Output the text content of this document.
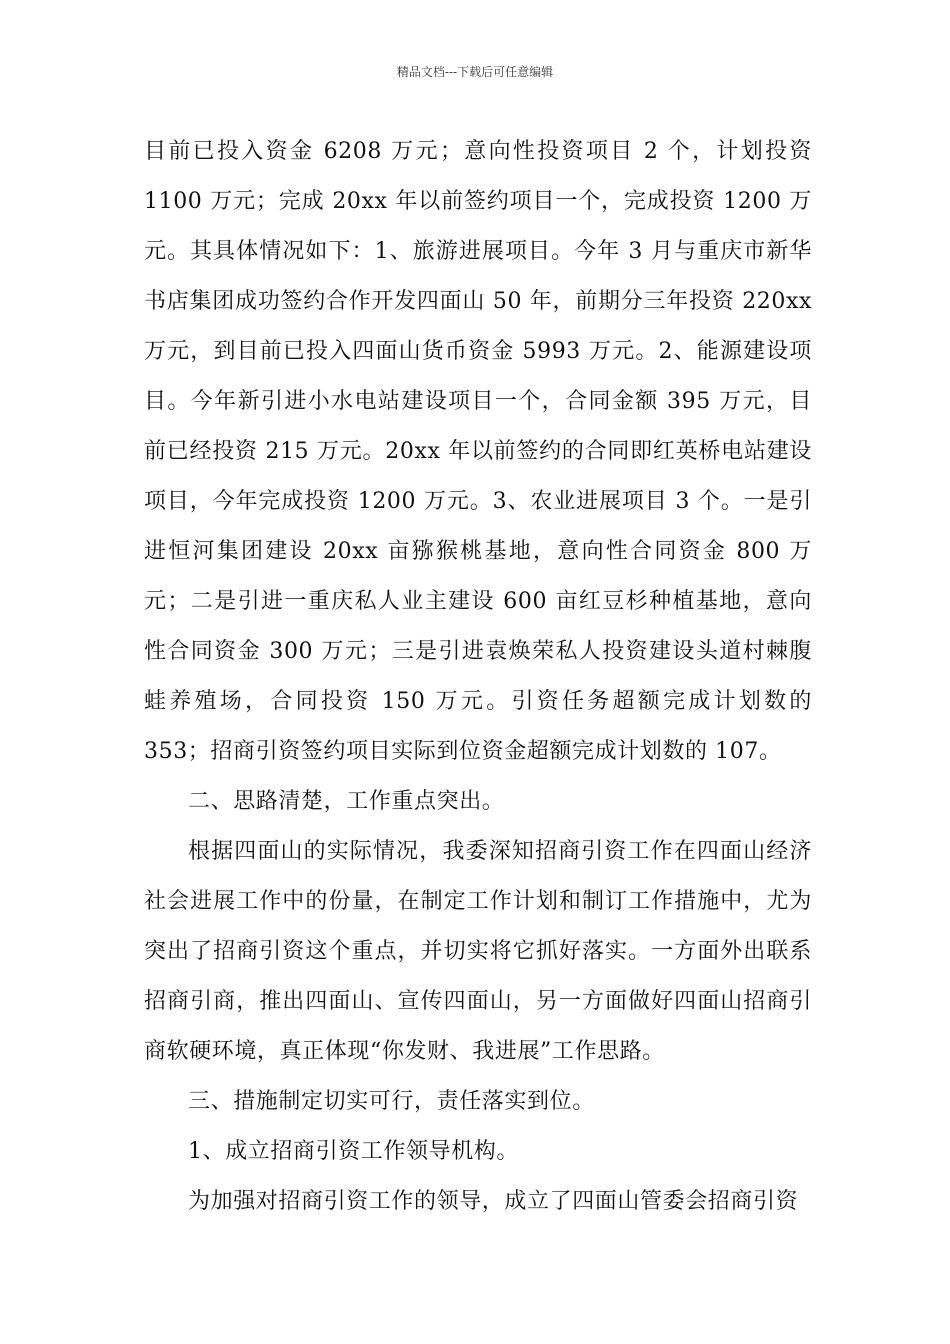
精品文档---下载后可任意编辑

目前已投入资金 6208 万元；意向性投资项目 2 个，计划投资 1100 万元；完成 20xx 年以前签约项目一个，完成投资 1200 万元。其具体情况如下：1、旅游进展项目。今年 3 月与重庆市新华书店集团成功签约合作开发四面山 50 年，前期分三年投资 220xx 万元，到目前已投入四面山货币资金 5993 万元。2、能源建设项目。今年新引进小水电站建设项目一个，合同金额 395 万元，目前已经投资 215 万元。20xx 年以前签约的合同即红英桥电站建设项目，今年完成投资 1200 万元。3、农业进展项目 3 个。一是引进恒河集团建设 20xx 亩猕猴桃基地，意向性合同资金 800 万元；二是引进一重庆私人业主建设 600 亩红豆杉种植基地，意向性合同资金 300 万元；三是引进袁焕荣私人投资建设头道村棘腹蛙养殖场，合同投资 150 万元。引资任务超额完成计划数的 353；招商引资签约项目实际到位资金超额完成计划数的 107。

二、思路清楚，工作重点突出。

根据四面山的实际情况，我委深知招商引资工作在四面山经济社会进展工作中的份量，在制定工作计划和制订工作措施中，尤为突出了招商引资这个重点，并切实将它抓好落实。一方面外出联系招商引商，推出四面山、宣传四面山，另一方面做好四面山招商引商软硬环境，真正体现“你发财、我进展”工作思路。

三、措施制定切实可行，责任落实到位。

1、成立招商引资工作领导机构。

为加强对招商引资工作的领导，成立了四面山管委会招商引资
